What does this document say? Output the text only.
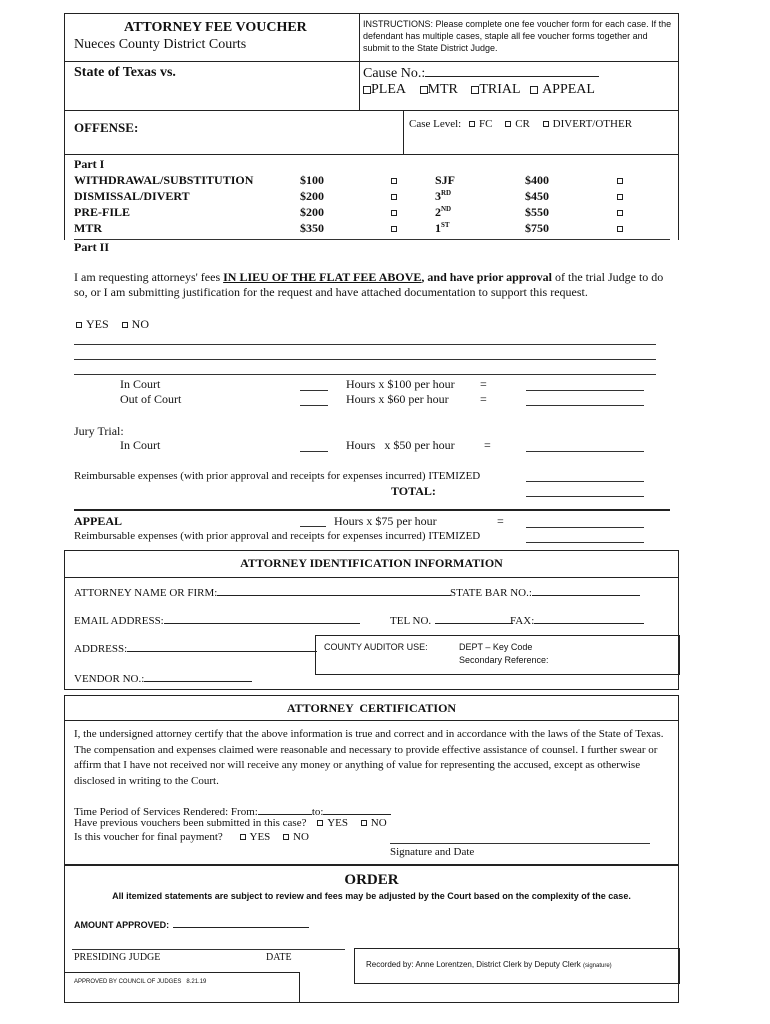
ATTORNEY FEE VOUCHER
Nueces County District Courts
INSTRUCTIONS: Please complete one fee voucher form for each case. If the defendant has multiple cases, staple all fee voucher forms together and submit to the State District Judge.
State of Texas vs.	Cause No.:
PLEA MTR TRIAL APPEAL
OFFENSE:	Case Level: FC CR DIVERT/OTHER
Part I
WITHDRAWAL/SUBSTITUTION	$100	SJF	$400
DISMISSAL/DIVERT	$200	3RD	$450
PRE-FILE	$200	2ND	$550
MTR	$350	1ST	$750
Part II
I am requesting attorneys' fees IN LIEU OF THE FLAT FEE ABOVE, and have prior approval of the trial Judge to do so, or I am submitting justification for the request and have attached documentation to support this request.
YES NO
In Court	Hours x $100 per hour =
Out of Court	Hours x $60 per hour	=
Jury Trial:
In Court	Hours   x $50 per hour =
Reimbursable expenses (with prior approval and receipts for expenses incurred) ITEMIZED
TOTAL:
APPEAL	Hours x $75 per hour	=
Reimbursable expenses (with prior approval and receipts for expenses incurred) ITEMIZED
ATTORNEY IDENTIFICATION INFORMATION
ATTORNEY NAME OR FIRM:	STATE BAR NO.:
EMAIL ADDRESS:	TEL NO.	FAX:
ADDRESS:
VENDOR NO.:
COUNTY AUDITOR USE:	DEPT – Key Code
Secondary Reference:
ATTORNEY  CERTIFICATION
I, the undersigned attorney certify that the above information is true and correct and in accordance with the laws of the State of Texas. The compensation and expenses claimed were reasonable and necessary to provide effective assistance of counsel. I further swear or affirm that I have not received nor will receive any money or anything of value for representing the accused, except as otherwise disclosed in writing to the Court.
Time Period of Services Rendered: From:	to:
Have previous vouchers been submitted in this case? YES NO
Is this voucher for final payment? YES NO
Signature and Date
ORDER
All itemized statements are subject to review and fees may be adjusted by the Court based on the complexity of the case.
AMOUNT APPROVED:
PRESIDING JUDGE	DATE
Recorded by: Anne Lorentzen, District Clerk by Deputy Clerk (signature)
APPROVED BY COUNCIL OF JUDGES   8.21.19
